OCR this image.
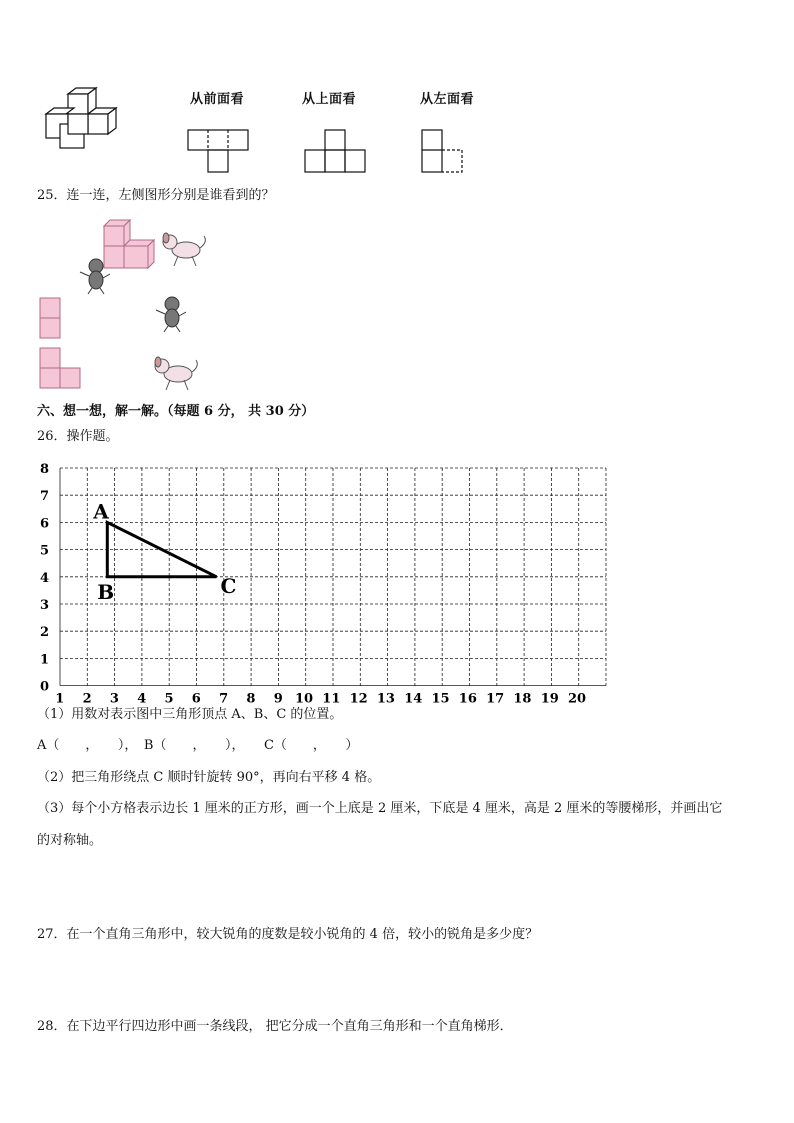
从前面看	从上面看	从左面看
25．连一连，左侧图形分别是谁看到的？
六、想一想，解一解。（每题 6 分， 共 30 分）
26．操作题。
0
1
2
3
4
5
6
7
8
1 2 3 4 5 6 7 8 9 10 11 12 13 14 15 16 17 18 19 20
A
B	C
（1）用数对表示图中三角形顶点 A、B、C 的位置。
A（　　，　　），　B（　　，　　），　　C（　　，　　）
（2）把三角形绕点 C 顺时针旋转 90°，再向右平移 4 格。
（3）每个小方格表示边长 1 厘米的正方形，画一个上底是 2 厘米，下底是 4 厘米，高是 2 厘米的等腰梯形，并画出它
的对称轴。
27．在一个直角三角形中，较大锐角的度数是较小锐角的 4 倍，较小的锐角是多少度？
28．在下边平行四边形中画一条线段， 把它分成一个直角三角形和一个直角梯形．
